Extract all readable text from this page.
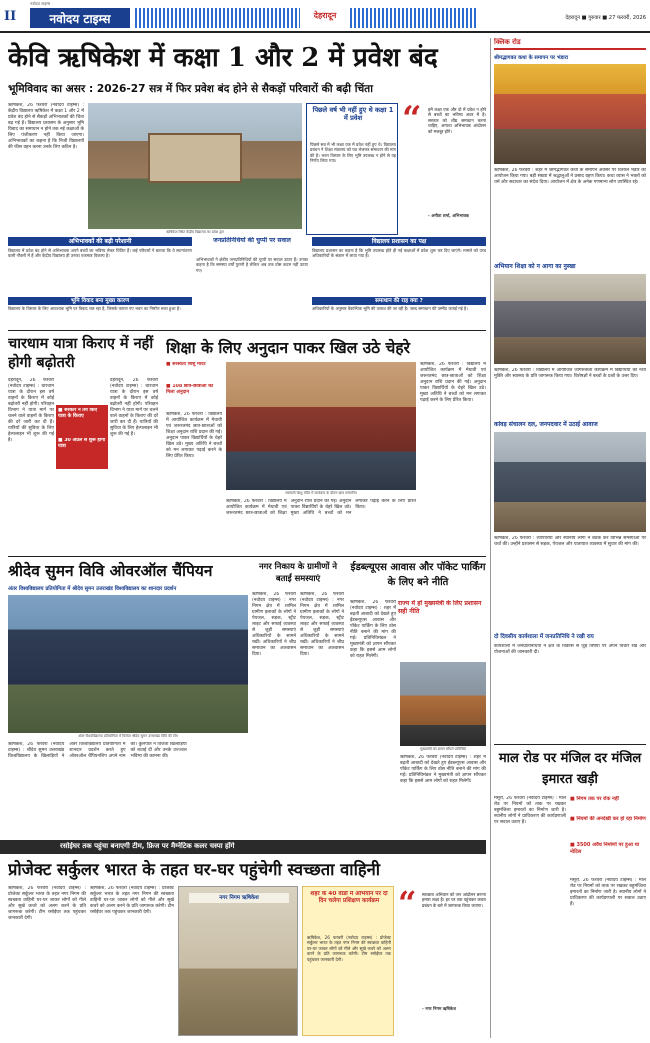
II
नवोदय टाइम्स
नवोदय टाइम्स	देहरादून	देहरादून ■ गुरुवार ■ 27 फरवरी, 2026
केवि ऋषिकेश में कक्षा 1 और 2 में प्रवेश बंद
भूमिविवाद का असर : 2026-27 सत्र में फिर प्रवेश बंद होने से सैकड़ों परिवारों की बढ़ी चिंता
ऋषिकेश, 26 फरवरी (नवोदय टाइम्स) : केंद्रीय विद्यालय ऋषिकेश में कक्षा 1 और 2 में प्रवेश बंद होने से सैकड़ों अभिभावकों की चिंता बढ़ गई है। विद्यालय प्रशासन के अनुसार भूमि विवाद का समाधान न होने तक नई कक्षाओं के लिए पंजीकरण नहीं किया जाएगा। अभिभावकों का कहना है कि निजी विद्यालयों की फीस वहन करना उनके लिए कठिन है।
ऋषिकेश स्थित केंद्रीय विद्यालय का प्रवेश द्वार
पिछले वर्ष भी नहीं हुए थे कक्षा 1 में प्रवेश
पिछले सत्र में भी कक्षा एक में प्रवेश नहीं हुए थे। विद्यालय प्रबंधन ने शिक्षा मंत्रालय को पत्र भेजकर समाधान की मांग की है। भवन विस्तार के लिए भूमि उपलब्ध न होने से यह निर्णय लिया गया।
“	हमें कक्षा एक और दो में प्रवेश न होने से बच्चों का भविष्य अधर में है। सरकार को शीघ्र समाधान करना चाहिए, अन्यथा अभिभावक आंदोलन को मजबूर होंगे।
- अनीता शर्मा, अभिभावक
अभिभावकों की बढ़ी परेशानी
विद्यालय में प्रवेश बंद होने से अभिभावक अपने बच्चों का भविष्य लेकर चिंतित हैं। कई परिवारों ने बताया कि वे स्थानांतरण वाली नौकरी में हैं और केंद्रीय विद्यालय ही उनका एकमात्र विकल्प है।
जनप्रतिनिधियों की चुप्पी पर सवाल
अभिभावकों ने क्षेत्रीय जनप्रतिनिधियों की चुप्पी पर सवाल उठाए हैं। उनका कहना है कि समस्या वर्षों पुरानी है लेकिन अब तक ठोस कदम नहीं उठाए गए।
विद्यालय प्रशासन का पक्ष
विद्यालय प्रशासन का कहना है कि भूमि उपलब्ध होते ही नई कक्षाओं में प्रवेश शुरू कर दिए जाएंगे। मामले को उच्च अधिकारियों के संज्ञान में लाया गया है।
भूमि विवाद बना मुख्य कारण
विद्यालय के विस्तार के लिए आवश्यक भूमि पर विवाद चल रहा है, जिसके कारण नए भवन का निर्माण रुका हुआ है।
समाधान की राह क्या ?
अधिकारियों के अनुसार वैकल्पिक भूमि की तलाश की जा रही है। जल्द समाधान की उम्मीद जताई गई है।
चारधाम यात्रा किराए में नहीं होगी बढ़ोतरी
■ सरकार ने तय किए यात्रा के किराए
■ 30 अप्रैल से शुरू होगी यात्रा
देहरादून, 26 फरवरी (नवोदय टाइम्स) : चारधाम यात्रा के दौरान इस वर्ष वाहनों के किराए में कोई बढ़ोतरी नहीं होगी। परिवहन विभाग ने यात्रा मार्ग पर चलने वाले वाहनों के किराए की दरें जारी कर दी हैं। यात्रियों की सुविधा के लिए हेल्पलाइन भी शुरू की गई है।
देहरादून, 26 फरवरी (नवोदय टाइम्स) : चारधाम यात्रा के दौरान इस वर्ष वाहनों के किराए में कोई बढ़ोतरी नहीं होगी। परिवहन विभाग ने यात्रा मार्ग पर चलने वाले वाहनों के किराए की दरें जारी कर दी हैं। यात्रियों की सुविधा के लिए हेल्पलाइन भी शुरू की गई है।
शिक्षा के लिए अनुदान पाकर खिल उठे चेहरे
■ सरस्वती शिशु मंदिर
■ 108 छात्र-छात्राओं को मिला अनुदान
सरस्वती शिशु मंदिर में कार्यक्रम के दौरान छात्र सम्मानित
ऋषिकेश, 26 फरवरी : विद्यालय में आयोजित कार्यक्रम में मेधावी एवं जरूरतमंद छात्र-छात्राओं को शिक्षा अनुदान राशि प्रदान की गई। अनुदान पाकर विद्यार्थियों के चेहरे खिल उठे। मुख्य अतिथि ने बच्चों को मन लगाकर पढ़ाई करने के लिए प्रेरित किया।
ऋषिकेश, 26 फरवरी : विद्यालय में आयोजित कार्यक्रम में मेधावी एवं जरूरतमंद छात्र-छात्राओं को शिक्षा अनुदान राशि प्रदान की गई। अनुदान पाकर विद्यार्थियों के चेहरे खिल उठे। मुख्य अतिथि ने बच्चों को मन लगाकर पढ़ाई करने के लिए प्रेरित किया।
ऋषिकेश, 26 फरवरी : विद्यालय में आयोजित कार्यक्रम में मेधावी एवं जरूरतमंद छात्र-छात्राओं को शिक्षा अनुदान राशि प्रदान की गई। अनुदान पाकर विद्यार्थियों के चेहरे खिल उठे। मुख्य अतिथि ने बच्चों को मन लगाकर पढ़ाई करने के लिए प्रेरित किया।
श्रीदेव सुमन विवि ओवरऑल चैंपियन
अंतर विश्वविद्यालय प्रतियोगिता में श्रीदेव सुमन उत्तराखंड विश्वविद्यालय का शानदार प्रदर्शन
अंतर विश्वविद्यालय प्रतियोगिता में विजेता श्रीदेव सुमन उत्तराखंड विवि की टीम
ऋषिकेश, 26 फरवरी (नवोदय टाइम्स) : श्रीदेव सुमन उत्तराखंड विश्वविद्यालय के खिलाड़ियों ने अंतर विश्वविद्यालय प्रतियोगिता में शानदार प्रदर्शन करते हुए ओवरऑल चैंपियनशिप अपने नाम की। कुलपति ने विजेता खिलाड़ियों को बधाई दी और उनके उज्ज्वल भविष्य की कामना की।
नगर निकाय के ग्रामीणों ने बताईं समस्याएं
ऋषिकेश, 26 फरवरी (नवोदय टाइम्स) : नगर निगम क्षेत्र में शामिल ग्रामीण इलाकों के लोगों ने पेयजल, सड़क, स्ट्रीट लाइट और सफाई व्यवस्था से जुड़ी समस्याएं अधिकारियों के सामने रखीं। अधिकारियों ने शीघ्र समाधान का आश्वासन दिया।
ऋषिकेश, 26 फरवरी (नवोदय टाइम्स) : नगर निगम क्षेत्र में शामिल ग्रामीण इलाकों के लोगों ने पेयजल, सड़क, स्ट्रीट लाइट और सफाई व्यवस्था से जुड़ी समस्याएं अधिकारियों के सामने रखीं। अधिकारियों ने शीघ्र समाधान का आश्वासन दिया।
ईडब्ल्यूएस आवास और पॉकेट पार्किंग के लिए बने नीति
राज्य में हों मुख्यमंत्री के लिए प्रशासन सही नीति
मुख्यमंत्री को ज्ञापन सौंपते प्रतिनिधि
ऋषिकेश, 26 फरवरी (नवोदय टाइम्स) : शहर में बढ़ती आबादी को देखते हुए ईडब्ल्यूएस आवास और पॉकेट पार्किंग के लिए ठोस नीति बनाने की मांग की गई। प्रतिनिधिमंडल ने मुख्यमंत्री को ज्ञापन सौंपकर कहा कि इससे आम लोगों को राहत मिलेगी।
ऋषिकेश, 26 फरवरी (नवोदय टाइम्स) : शहर में बढ़ती आबादी को देखते हुए ईडब्ल्यूएस आवास और पॉकेट पार्किंग के लिए ठोस नीति बनाने की मांग की गई। प्रतिनिधिमंडल ने मुख्यमंत्री को ज्ञापन सौंपकर कहा कि इससे आम लोगों को राहत मिलेगी।
रसोईघर तक पहुंचा बनाएगी टीम, फ्रिज पर मैग्नेटिक कलर चस्पा होंगे
प्रोजेक्ट सर्कुलर भारत के तहत घर-घर पहुंचेगी स्वच्छता वाहिनी
ऋषिकेश, 26 फरवरी (नवोदय टाइम्स) : प्रोजेक्ट सर्कुलर भारत के तहत नगर निगम की स्वच्छता वाहिनी घर-घर जाकर लोगों को गीले और सूखे कचरे को अलग करने के प्रति जागरूक करेगी। टीम रसोईघर तक पहुंचकर जानकारी देगी।
ऋषिकेश, 26 फरवरी (नवोदय टाइम्स) : प्रोजेक्ट सर्कुलर भारत के तहत नगर निगम की स्वच्छता वाहिनी घर-घर जाकर लोगों को गीले और सूखे कचरे को अलग करने के प्रति जागरूक करेगी। टीम रसोईघर तक पहुंचकर जानकारी देगी।
नगर निगम ऋषिकेश
शहर के 40 वार्डों में अभियान पर दो दिन चलेगा प्रशिक्षण कार्यक्रम
ऋषिकेश, 26 फरवरी (नवोदय टाइम्स) : प्रोजेक्ट सर्कुलर भारत के तहत नगर निगम की स्वच्छता वाहिनी घर-घर जाकर लोगों को गीले और सूखे कचरे को अलग करने के प्रति जागरूक करेगी। टीम रसोईघर तक पहुंचकर जानकारी देगी।
“	स्वच्छता अभियान को जन आंदोलन बनाना हमारा लक्ष्य है। हर घर तक पहुंचकर कचरा प्रबंधन के बारे में जागरूक किया जाएगा।
- नगर निगम ऋषिकेश
क्लिक रोड
श्रीमद्भागवत कथा के समापन पर भंडारा
ऋषिकेश, 26 फरवरी : शहर में श्रीमद्भागवत कथा के समापन अवसर पर विशाल भंडारे का आयोजन किया गया। बड़ी संख्या में श्रद्धालुओं ने प्रसाद ग्रहण किया। कथा व्यास ने भक्तों को धर्म और सदाचार का संदेश दिया। आयोजन में क्षेत्र के अनेक गणमान्य लोग उपस्थित रहे।
अभियान शिक्षा को न आगा का नुस्खा
ऋषिकेश, 26 फरवरी : विद्यालय में आयोजित जागरूकता कार्यक्रम में विद्यार्थियों को नशा मुक्ति और स्वास्थ्य के प्रति जागरूक किया गया। विशेषज्ञों ने बच्चों के प्रश्नों के उत्तर दिए।
कांवड़ संचालन दल, जनपदवार में उठाई आवाज
ऋषिकेश, 26 फरवरी : व्यापारियों और स्थानीय लोगों ने बैठक कर विभिन्न समस्याओं पर चर्चा की। उन्होंने प्रशासन से सड़क, पेयजल और यातायात व्यवस्था में सुधार की मांग की।
दो दिवसीय कार्यशाला में जनप्रतिनिधि ने रखी राय
कार्यशाला में जनप्रतिनिधियों ने क्षेत्र के विकास से जुड़े विषयों पर अपने विचार रखे और योजनाओं की जानकारी दी।
माल रोड पर मंजिल दर मंजिल इमारत खड़ी
■ निगम तक पर रोक नहीं
■ नियमों की अनदेखी कर हो रहा निर्माण
■ 3500 अवैध निर्माणों पर हुआ था नोटिस
मसूरी, 26 फरवरी (नवोदय टाइम्स) : माल रोड पर नियमों को ताक पर रखकर बहुमंजिला इमारतों का निर्माण जारी है। स्थानीय लोगों ने प्राधिकरण की कार्यप्रणाली पर सवाल उठाए हैं।
मसूरी, 26 फरवरी (नवोदय टाइम्स) : माल रोड पर नियमों को ताक पर रखकर बहुमंजिला इमारतों का निर्माण जारी है। स्थानीय लोगों ने प्राधिकरण की कार्यप्रणाली पर सवाल उठाए हैं।
